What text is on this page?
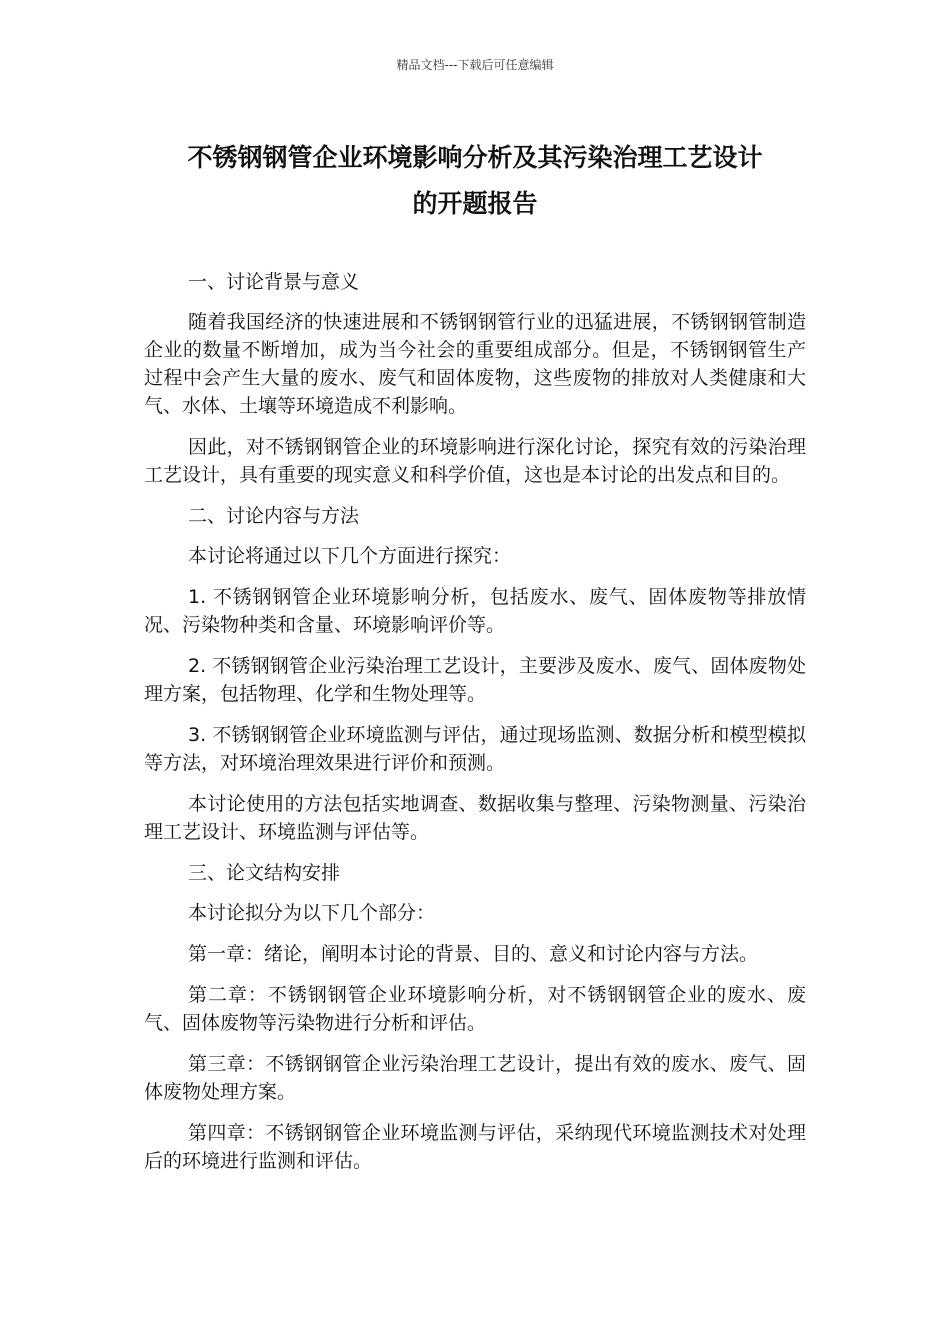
精品文档---下载后可任意编辑
不锈钢钢管企业环境影响分析及其污染治理工艺设计
的开题报告

一、讨论背景与意义

随着我国经济的快速进展和不锈钢钢管行业的迅猛进展，不锈钢钢管制造企业的数量不断增加，成为当今社会的重要组成部分。但是，不锈钢钢管生产过程中会产生大量的废水、废气和固体废物，这些废物的排放对人类健康和大气、水体、土壤等环境造成不利影响。

因此，对不锈钢钢管企业的环境影响进行深化讨论，探究有效的污染治理工艺设计，具有重要的现实意义和科学价值，这也是本讨论的出发点和目的。

二、讨论内容与方法

本讨论将通过以下几个方面进行探究：

1. 不锈钢钢管企业环境影响分析，包括废水、废气、固体废物等排放情况、污染物种类和含量、环境影响评价等。

2. 不锈钢钢管企业污染治理工艺设计，主要涉及废水、废气、固体废物处理方案，包括物理、化学和生物处理等。

3. 不锈钢钢管企业环境监测与评估，通过现场监测、数据分析和模型模拟等方法，对环境治理效果进行评价和预测。

本讨论使用的方法包括实地调查、数据收集与整理、污染物测量、污染治理工艺设计、环境监测与评估等。

三、论文结构安排

本讨论拟分为以下几个部分：

第一章：绪论，阐明本讨论的背景、目的、意义和讨论内容与方法。

第二章：不锈钢钢管企业环境影响分析，对不锈钢钢管企业的废水、废气、固体废物等污染物进行分析和评估。

第三章：不锈钢钢管企业污染治理工艺设计，提出有效的废水、废气、固体废物处理方案。

第四章：不锈钢钢管企业环境监测与评估，采纳现代环境监测技术对处理后的环境进行监测和评估。
